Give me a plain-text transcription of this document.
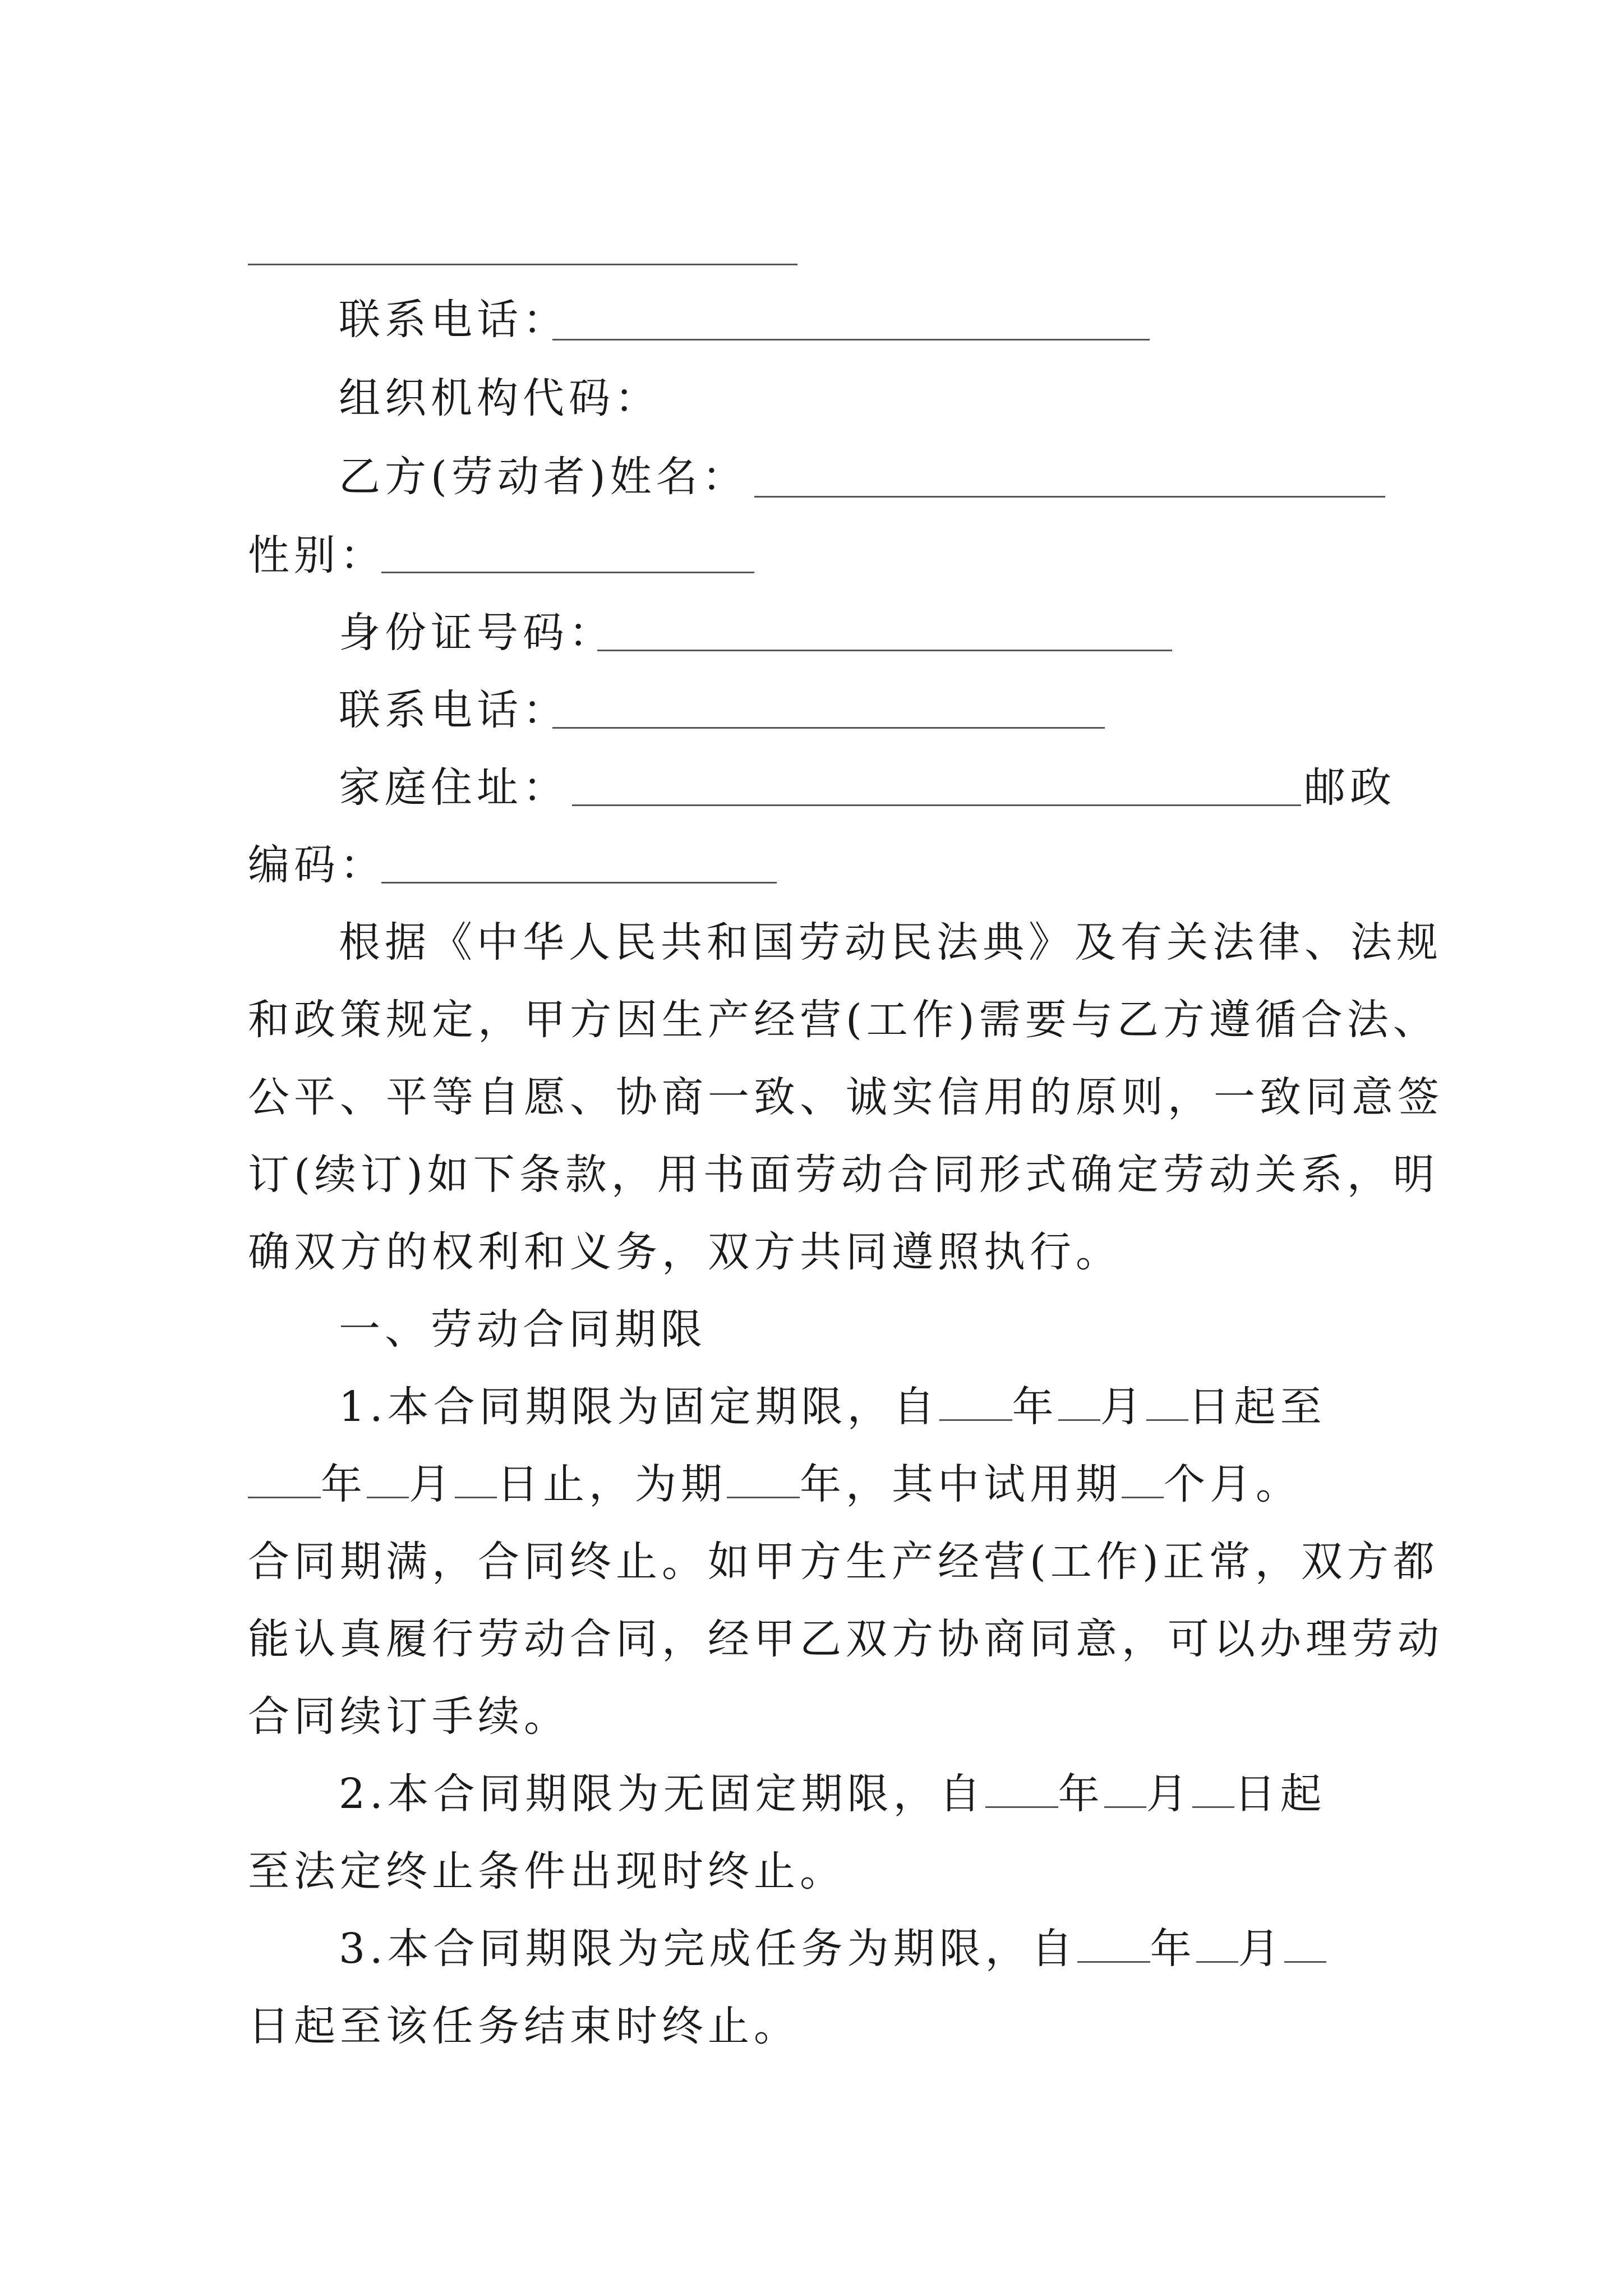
联系电话：
组织机构代码：
乙方(劳动者)姓名：
性别：
身份证号码：
联系电话：
家庭住址：	邮政
编码：
根据《中华人民共和国劳动民法典》及有关法律、法规
和政策规定，甲方因生产经营(工作)需要与乙方遵循合法、
公平、平等自愿、协商一致、诚实信用的原则，一致同意签
订(续订)如下条款，用书面劳动合同形式确定劳动关系，明
确双方的权利和义务，双方共同遵照执行。
一、劳动合同期限
1.本合同期限为固定期限，自 年 月 日起至
年 月 日止，为期 年，其中试用期 个月。
合同期满，合同终止。如甲方生产经营(工作)正常，双方都
能认真履行劳动合同，经甲乙双方协商同意，可以办理劳动
合同续订手续。
2.本合同期限为无固定期限，自 年 月 日起
至法定终止条件出现时终止。
3.本合同期限为完成任务为期限，自 年 月
日起至该任务结束时终止。
